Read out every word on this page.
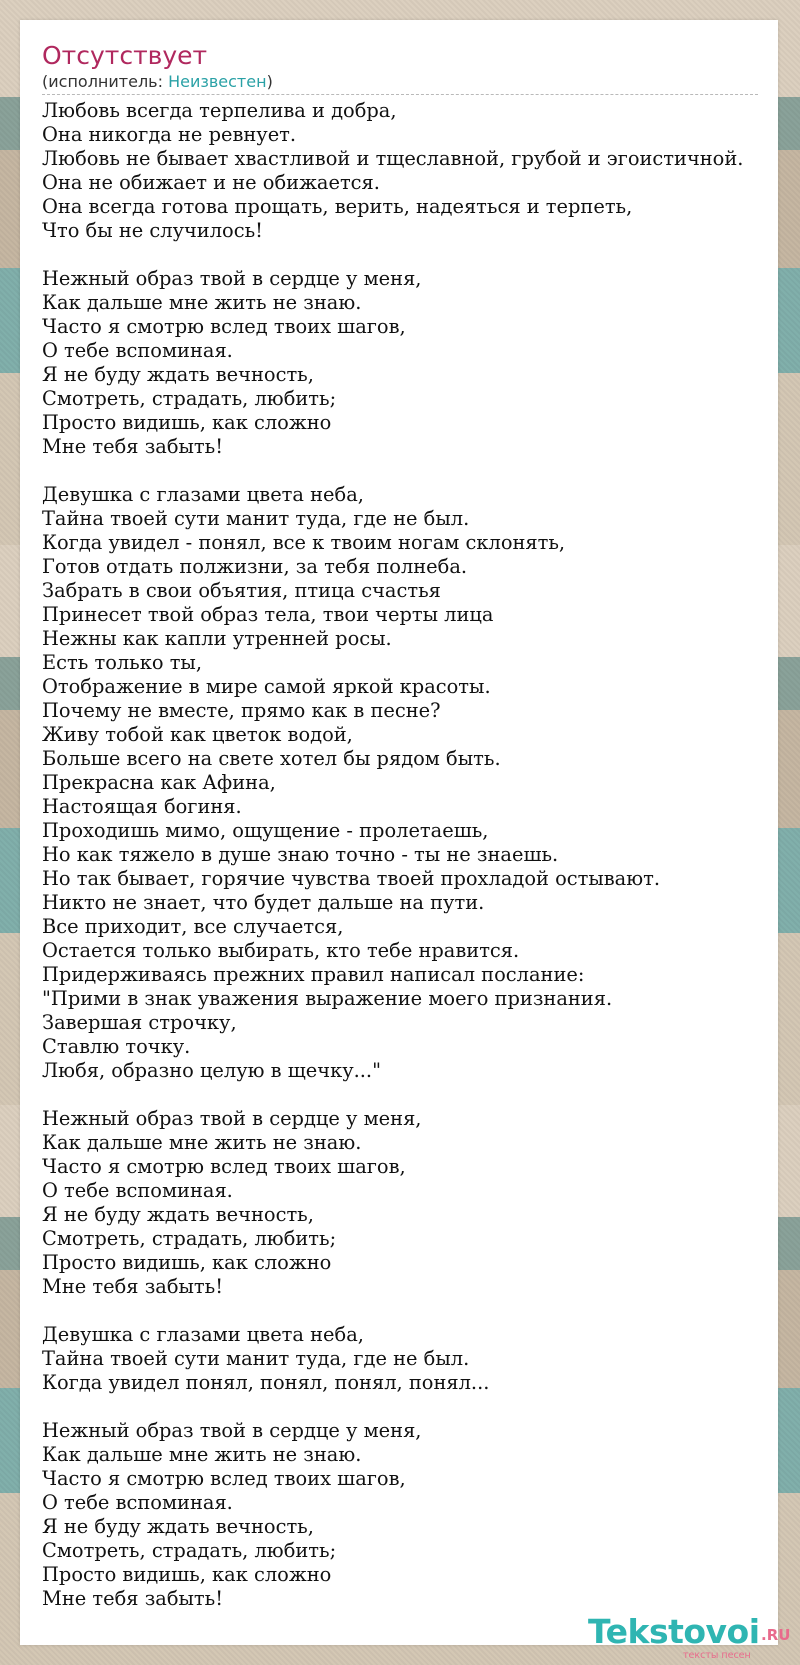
Отсутствует
(исполнитель: Неизвестен)
Любовь всегда терпелива и добра,
Она никогда не ревнует.
Любовь не бывает хвастливой и тщеславной, грубой и эгоистичной.
Она не обижает и не обижается.
Она всегда готова прощать, верить, надеяться и терпеть,
Что бы не случилось!
Нежный образ твой в сердце у меня,
Как дальше мне жить не знаю.
Часто я смотрю вслед твоих шагов,
О тебе вспоминая.
Я не буду ждать вечность,
Смотреть, страдать, любить;
Просто видишь, как сложно
Мне тебя забыть!
Девушка с глазами цвета неба,
Тайна твоей сути манит туда, где не был.
Когда увидел - понял, все к твоим ногам склонять,
Готов отдать полжизни, за тебя полнеба.
Забрать в свои объятия, птица счастья
Принесет твой образ тела, твои черты лица
Нежны как капли утренней росы.
Есть только ты,
Отображение в мире самой яркой красоты.
Почему не вместе, прямо как в песне?
Живу тобой как цветок водой,
Больше всего на свете хотел бы рядом быть.
Прекрасна как Афина,
Настоящая богиня.
Проходишь мимо, ощущение - пролетаешь,
Но как тяжело в душе знаю точно - ты не знаешь.
Но так бывает, горячие чувства твоей прохладой остывают.
Никто не знает, что будет дальше на пути.
Все приходит, все случается,
Остается только выбирать, кто тебе нравится.
Придерживаясь прежних правил написал послание:
"Прими в знак уважения выражение моего признания.
Завершая строчку,
Ставлю точку.
Любя, образно целую в щечку..."
Нежный образ твой в сердце у меня,
Как дальше мне жить не знаю.
Часто я смотрю вслед твоих шагов,
О тебе вспоминая.
Я не буду ждать вечность,
Смотреть, страдать, любить;
Просто видишь, как сложно
Мне тебя забыть!
Девушка с глазами цвета неба,
Тайна твоей сути манит туда, где не был.
Когда увидел понял, понял, понял, понял...
Нежный образ твой в сердце у меня,
Как дальше мне жить не знаю.
Часто я смотрю вслед твоих шагов,
О тебе вспоминая.
Я не буду ждать вечность,
Смотреть, страдать, любить;
Просто видишь, как сложно
Мне тебя забыть!
Tekstovoi .RU
тексты песен
